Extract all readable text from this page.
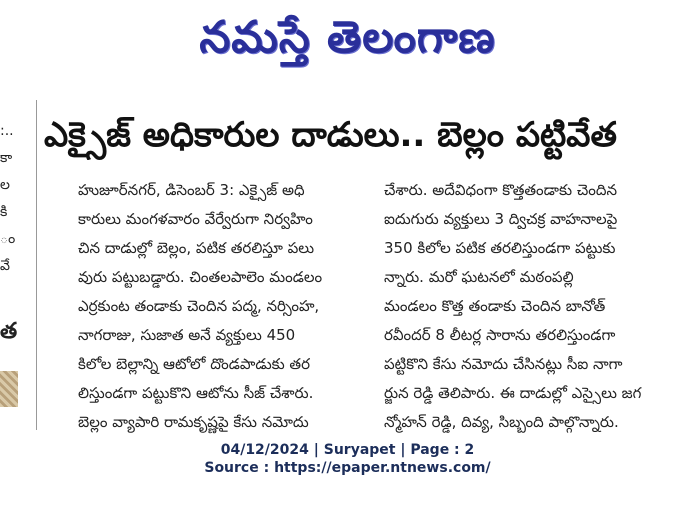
నమస్తే తెలంగాణ
:..
కా
ల
కి
ం
వే
త
ఎక్సైజ్ అధికారుల దాడులు.. బెల్లం పట్టివేత
హుజూర్‌నగర్, డిసెంబర్ 3: ఎక్సైజ్ అధి
కారులు మంగళవారం వేర్వేరుగా నిర్వహిం
చిన దాడుల్లో బెల్లం, పటిక తరలిస్తూ పలు
వురు పట్టుబడ్డారు. చింతలపాలెం మండలం
ఎర్రకుంట తండాకు చెందిన పద్మ, నర్సింహ,
నాగరాజు, సుజాత అనే వ్యక్తులు 450
కిలోల బెల్లాన్ని ఆటోలో దొండపాడుకు తర
లిస్తుండగా పట్టుకొని ఆటోను సీజ్ చేశారు.
బెల్లం వ్యాపారి రామకృష్ణపై కేసు నమోదు
చేశారు. అదేవిధంగా కొత్తతండాకు చెందిన
ఐదుగురు వ్యక్తులు 3 ద్విచక్ర వాహనాలపై
350 కిలోల పటిక తరలిస్తుండగా పట్టుకు
న్నారు. మరో ఘటనలో మఠంపల్లి
మండలం కొత్త తండాకు చెందిన బానోత్
రవీందర్ 8 లీటర్ల సారాను తరలిస్తుండగా
పట్టికొని కేసు నమోదు చేసినట్లు సీఐ నాగా
ర్జున రెడ్డి తెలిపారు. ఈ దాడుల్లో ఎస్సైలు జగ
న్మోహన్ రెడ్డి, దివ్య, సిబ్బంది పాల్గొన్నారు.
04/12/2024 | Suryapet | Page : 2
Source : https://epaper.ntnews.com/
